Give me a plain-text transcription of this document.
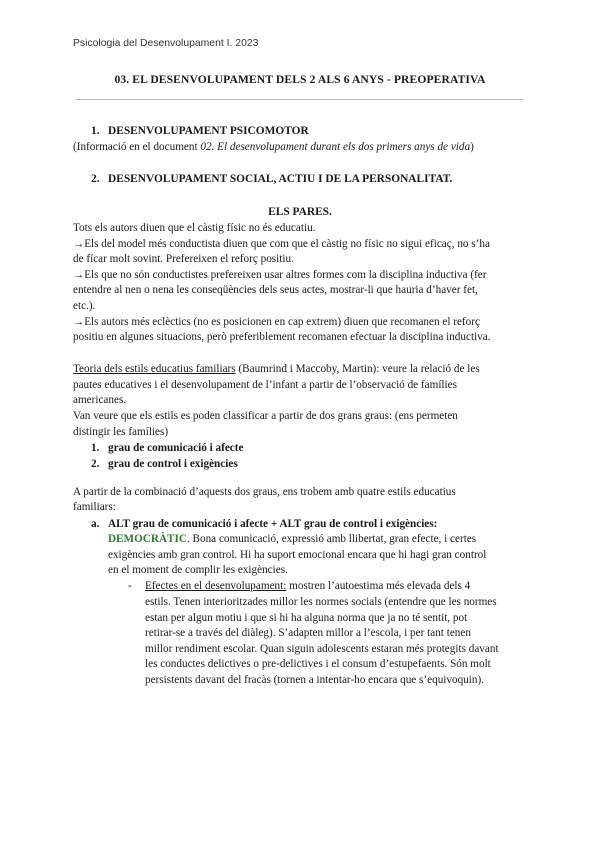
Psicologia del Desenvolupament I. 2023
03. EL DESENVOLUPAMENT DELS 2 ALS 6 ANYS - PREOPERATIVA
1. DESENVOLUPAMENT PSICOMOTOR
(Informació en el document 02. El desenvolupament durant els dos primers anys de vida)
2. DESENVOLUPAMENT SOCIAL, ACTIU I DE LA PERSONALITAT.
ELS PARES.
Tots els autors diuen que el càstig físic no és educatiu.
→Els del model més conductista diuen que com que el càstig no físic no sigui eficaç, no s’ha
de fícar molt sovint. Prefereixen el reforç positiu.
→Els que no són conductistes prefereixen usar altres formes com la disciplina inductiva (fer
entendre al nen o nena les conseqüències dels seus actes, mostrar-li que hauria d’haver fet,
etc.).
→Els autors més eclèctics (no es posicionen en cap extrem) diuen que recomanen el reforç
positiu en algunes situacions, però preferiblement recomanen efectuar la disciplina inductiva.
Teoria dels estils educatius familiars (Baumrind i Maccoby, Martin): veure la relació de les
pautes educatives i el desenvolupament de l’infant a partir de l’observació de famílies
americanes.
Van veure que els estils es poden classificar a partir de dos grans graus: (ens permeten
distingir les famílies)
1. grau de comunicació i afecte
2. grau de control i exigències
A partir de la combinació d’aquests dos graus, ens trobem amb quatre estils educatius
familiars:
a. ALT grau de comunicació i afecte + ALT grau de control i exigències:
DEMOCRÀTIC. Bona comunicació, expressió amb llibertat, gran efecte, i certes
exigències amb gran control. Hi ha suport emocional encara que hi hagi gran control
en el moment de complir les exigències.
- Efectes en el desenvolupament: mostren l’autoestima més elevada dels 4
estils. Tenen interioritzades millor les normes socials (entendre que les normes
estan per algun motiu i que si hi ha alguna norma que ja no té sentit, pot
retirar-se a través del diàleg). S’adapten millor a l’escola, i per tant tenen
millor rendiment escolar. Quan siguin adolescents estaran més protegits davant
les conductes delictives o pre-delictives i el consum d’estupefaents. Són molt
persistents davant del fracàs (tornen a intentar-ho encara que s’equivoquin).
